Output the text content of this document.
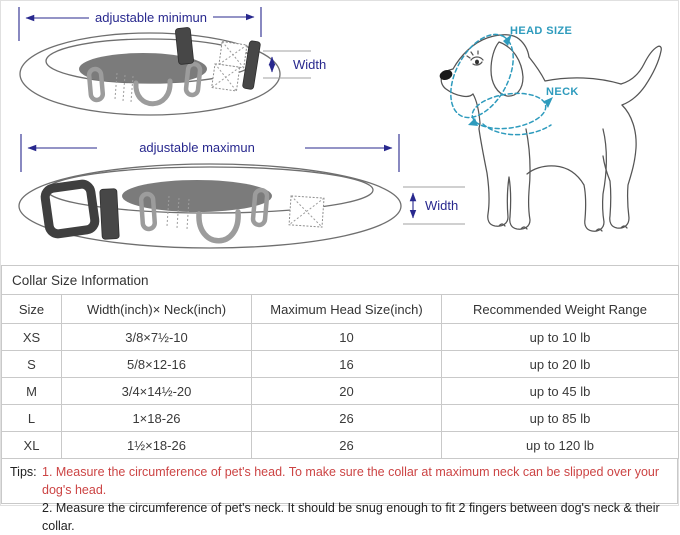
adjustable minimun
Width
adjustable maximun
Width
HEAD SIZE
NECK
Collar Size Information			
Size	Width(inch)× Neck(inch)	Maximum Head Size(inch)	Recommended Weight Range
XS	3/8×7½-10	10	up to 10 lb
S	5/8×12-16	16	up to 20 lb
M	3/4×14½-20	20	up to 45 lb
L	1×18-26	26	up to 85 lb
XL	1½×18-26	26	up to 120 lb
Tips: 1. Measure the circumference of pet's head. To make sure the collar at maximum neck can be slipped over your dog's head.
2. Measure the circumference of pet's neck. It should be snug enough to fit 2 fingers between dog's neck & their collar.
